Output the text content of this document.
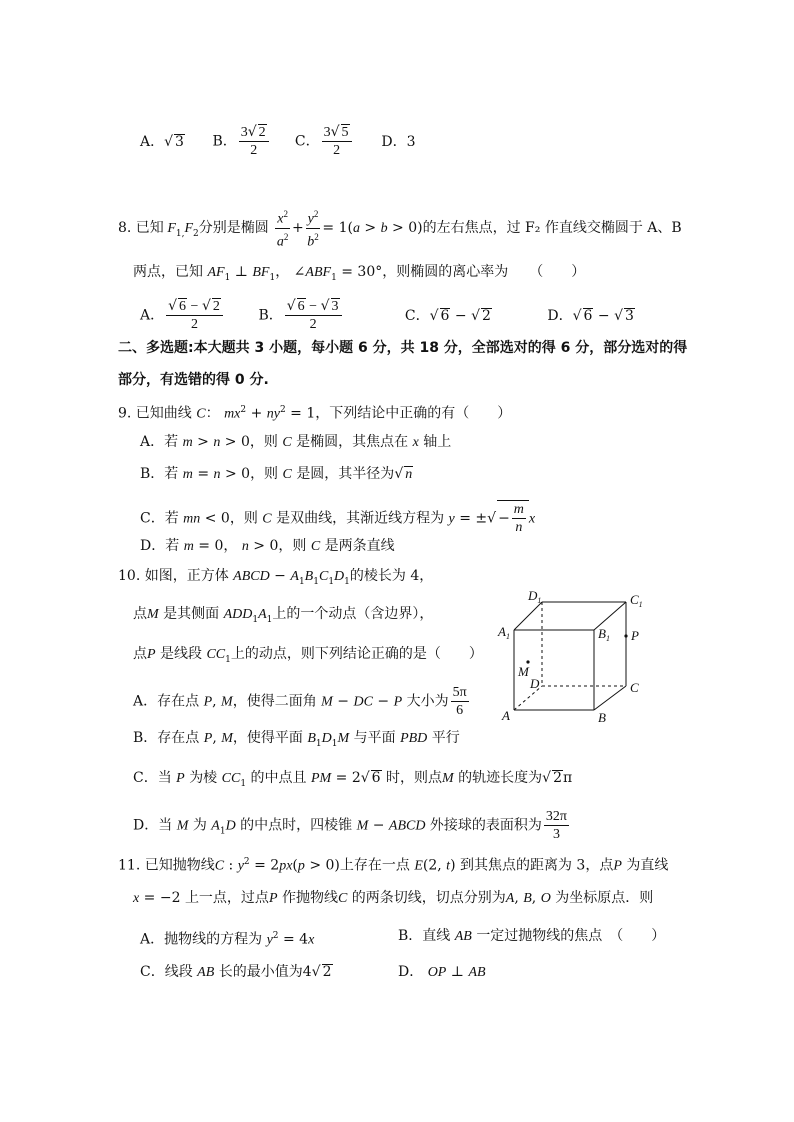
A．√ 3 B． $\frac{3√ 2}{2}$ C． $\frac{3√ 5}{2}$ D．3
8. 已知 $F_{1,}F_2$分别是椭圆 $\frac{x^2}{a^2} + \frac{y^2}{b^2} = 1(a > b > 0)$的左右焦点，过 F₂ 作直线交椭圆于 A、B
两点，已知 $AF_1$ ⊥ $BF_1$， $\angle ABF_1 = 30^\circ$，则椭圆的离心率为　　（　　）
A． $\frac{√ 6 - √ 2}{2}$	B． $\frac{√ 6 - √ 3}{2}$	C．√ 6 − √ 2	D．√ 6 − √ 3
二、多选题:本大题共 3 小题，每小题 6 分，共 18 分，全部选对的得 6 分，部分选对的得
部分，有选错的得 0 分.
9. 已知曲线 C： $mx^2 + ny^2 = 1$，下列结论中正确的有（　　）
A．若 m > n > 0，则 C 是椭圆，其焦点在 x 轴上
B．若 m = n > 0，则 C 是圆，其半径为√ n
C．若 mn < 0，则 C 是双曲线，其渐近线方程为 y = ±√ − $\frac{m}{n}$ x
D．若 m = 0， n > 0，则 C 是两条直线
10. 如图，正方体 ABCD − $A_1B_1C_1D_1$的棱长为 4，
点M 是其侧面 $ADD_1A_1$上的一个动点（含边界），
点P 是线段 $CC_1$上的动点，则下列结论正确的是（　　）
A．存在点 P, M，使得二面角 M − DC − P 大小为 $\frac{5\pi}{6}$
B．存在点 P, M，使得平面 $B_1D_1M$ 与平面 PBD 平行
C．当 P 为棱 $CC_1$ 的中点且 PM = 2√ 6 时，则点M 的轨迹长度为√ 2π
D．当 M 为 $A_1D$ 的中点时，四棱锥 M − ABCD 外接球的表面积为 $\frac{32\pi}{3}$
$D_1$	$C_1$
$A_1$	$B_1$ P
M
D	C
A	B
11. 已知抛物线C : $y^2 = 2px(p > 0)$上存在一点 E(2, t) 到其焦点的距离为 3，点P 为直线
x = −2 上一点，过点P 作抛物线C 的两条切线，切点分别为A, B, O 为坐标原点．则
A．抛物线的方程为 $y^2 = 4x$	B．直线 AB 一定过抛物线的焦点　（　　）
C．线段 AB 长的最小值为4√ 2	D． OP ⊥ AB
